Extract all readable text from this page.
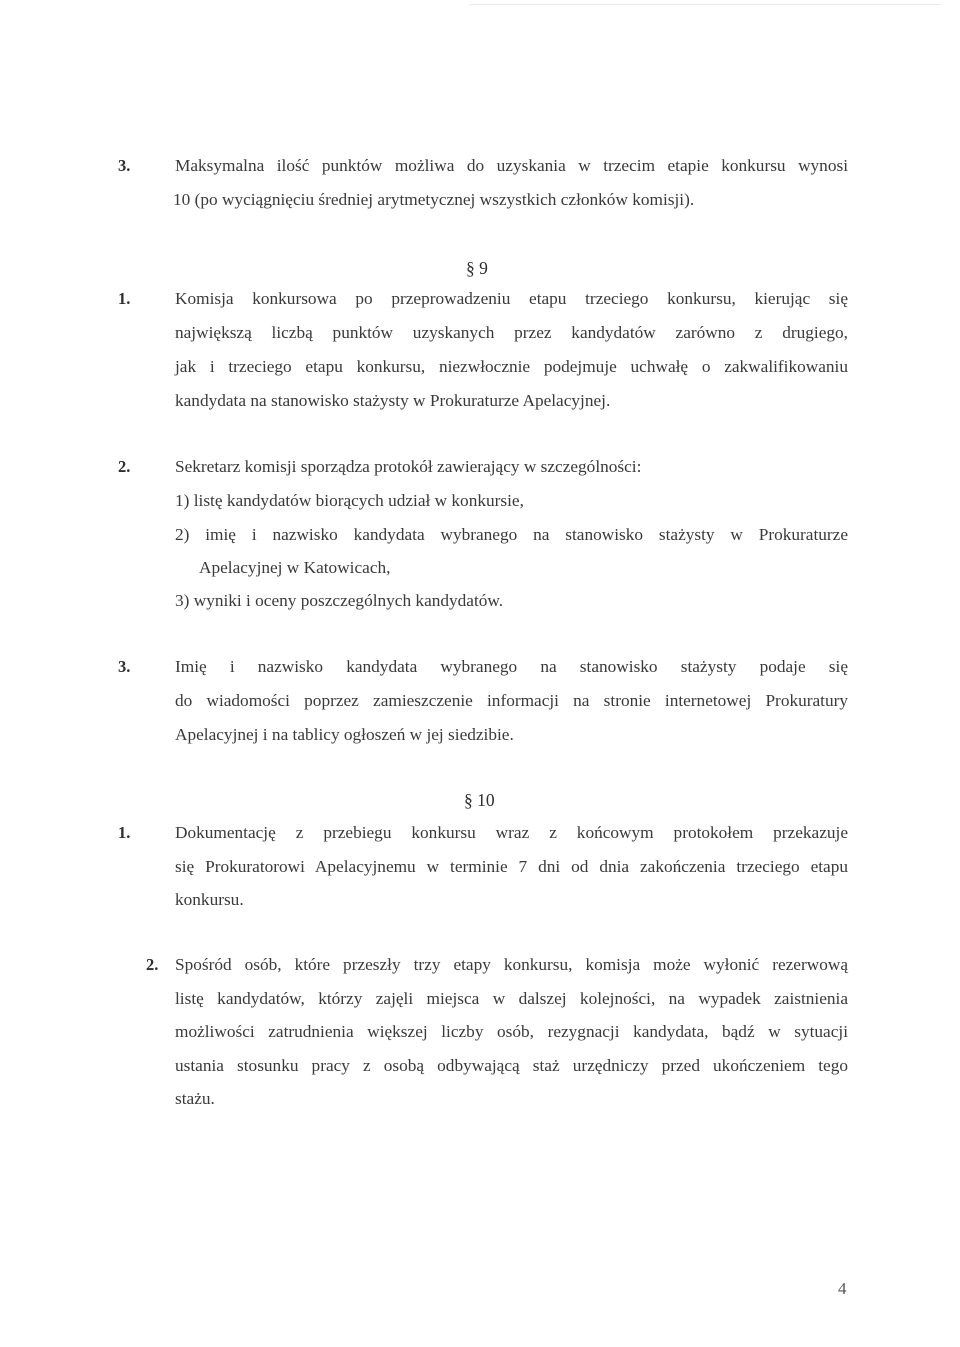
3.	Maksymalna ilość punktów możliwa do uzyskania w trzecim etapie konkursu wynosi
10 (po wyciągnięciu średniej arytmetycznej wszystkich członków komisji).
§ 9
1.	Komisja konkursowa po przeprowadzeniu etapu trzeciego konkursu, kierując się
największą liczbą punktów uzyskanych przez kandydatów zarówno z drugiego,
jak i trzeciego etapu konkursu, niezwłocznie podejmuje uchwałę o zakwalifikowaniu
kandydata na stanowisko stażysty w Prokuraturze Apelacyjnej.
2.	Sekretarz komisji sporządza protokół zawierający w szczególności:
1) listę kandydatów biorących udział w konkursie,
2) imię i nazwisko kandydata wybranego na stanowisko stażysty w Prokuraturze
Apelacyjnej w Katowicach,
3) wyniki i oceny poszczególnych kandydatów.
3.	Imię i nazwisko kandydata wybranego na stanowisko stażysty podaje się
do wiadomości poprzez zamieszczenie informacji na stronie internetowej Prokuratury
Apelacyjnej i na tablicy ogłoszeń w jej siedzibie.
§ 10
1.	Dokumentację z przebiegu konkursu wraz z końcowym protokołem przekazuje
się Prokuratorowi Apelacyjnemu w terminie 7 dni od dnia zakończenia trzeciego etapu
konkursu.
2. Spośród osób, które przeszły trzy etapy konkursu, komisja może wyłonić rezerwową
listę kandydatów, którzy zajęli miejsca w dalszej kolejności, na wypadek zaistnienia
możliwości zatrudnienia większej liczby osób, rezygnacji kandydata, bądź w sytuacji
ustania stosunku pracy z osobą odbywającą staż urzędniczy przed ukończeniem tego
stażu.
4
